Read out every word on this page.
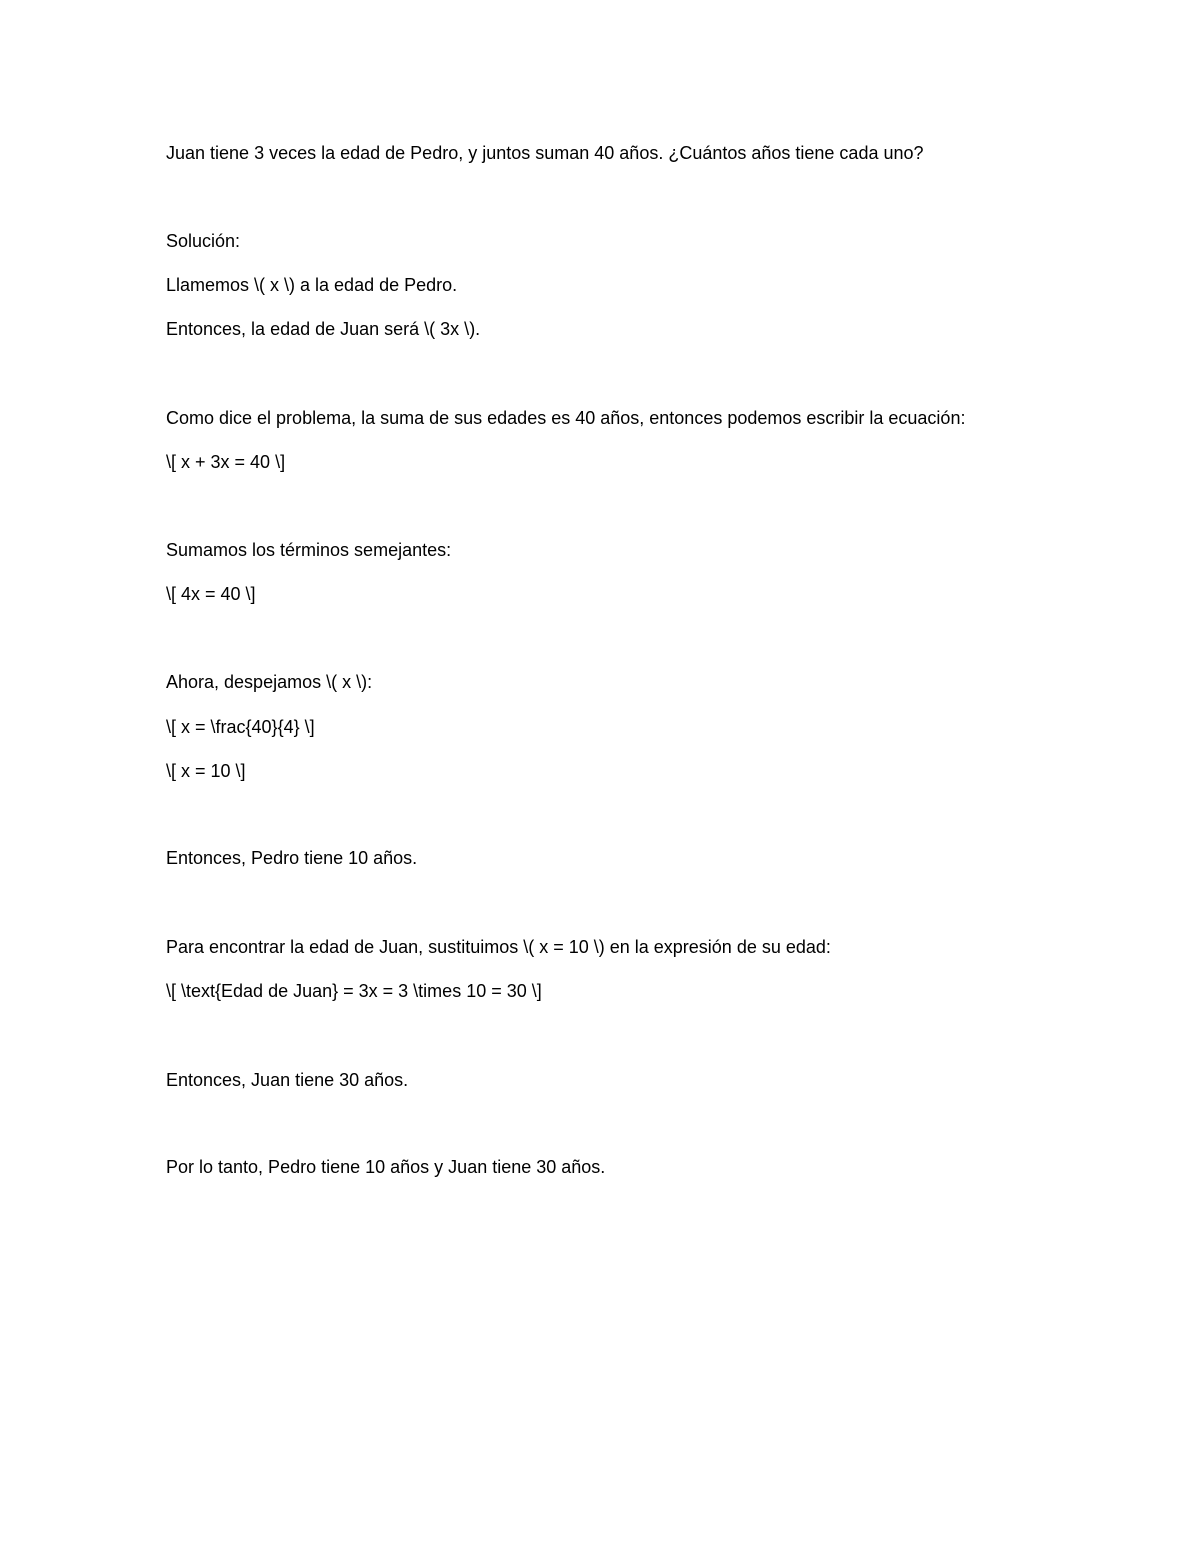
Juan tiene 3 veces la edad de Pedro, y juntos suman 40 años. ¿Cuántos años tiene cada uno?
Solución:
Llamemos \( x \) a la edad de Pedro.
Entonces, la edad de Juan será \( 3x \).
Como dice el problema, la suma de sus edades es 40 años, entonces podemos escribir la ecuación:
\[ x + 3x = 40 \]
Sumamos los términos semejantes:
\[ 4x = 40 \]
Ahora, despejamos \( x \):
\[ x = \frac{40}{4} \]
\[ x = 10 \]
Entonces, Pedro tiene 10 años.
Para encontrar la edad de Juan, sustituimos \( x = 10 \) en la expresión de su edad:
\[ \text{Edad de Juan} = 3x = 3 \times 10 = 30 \]
Entonces, Juan tiene 30 años.
Por lo tanto, Pedro tiene 10 años y Juan tiene 30 años.
